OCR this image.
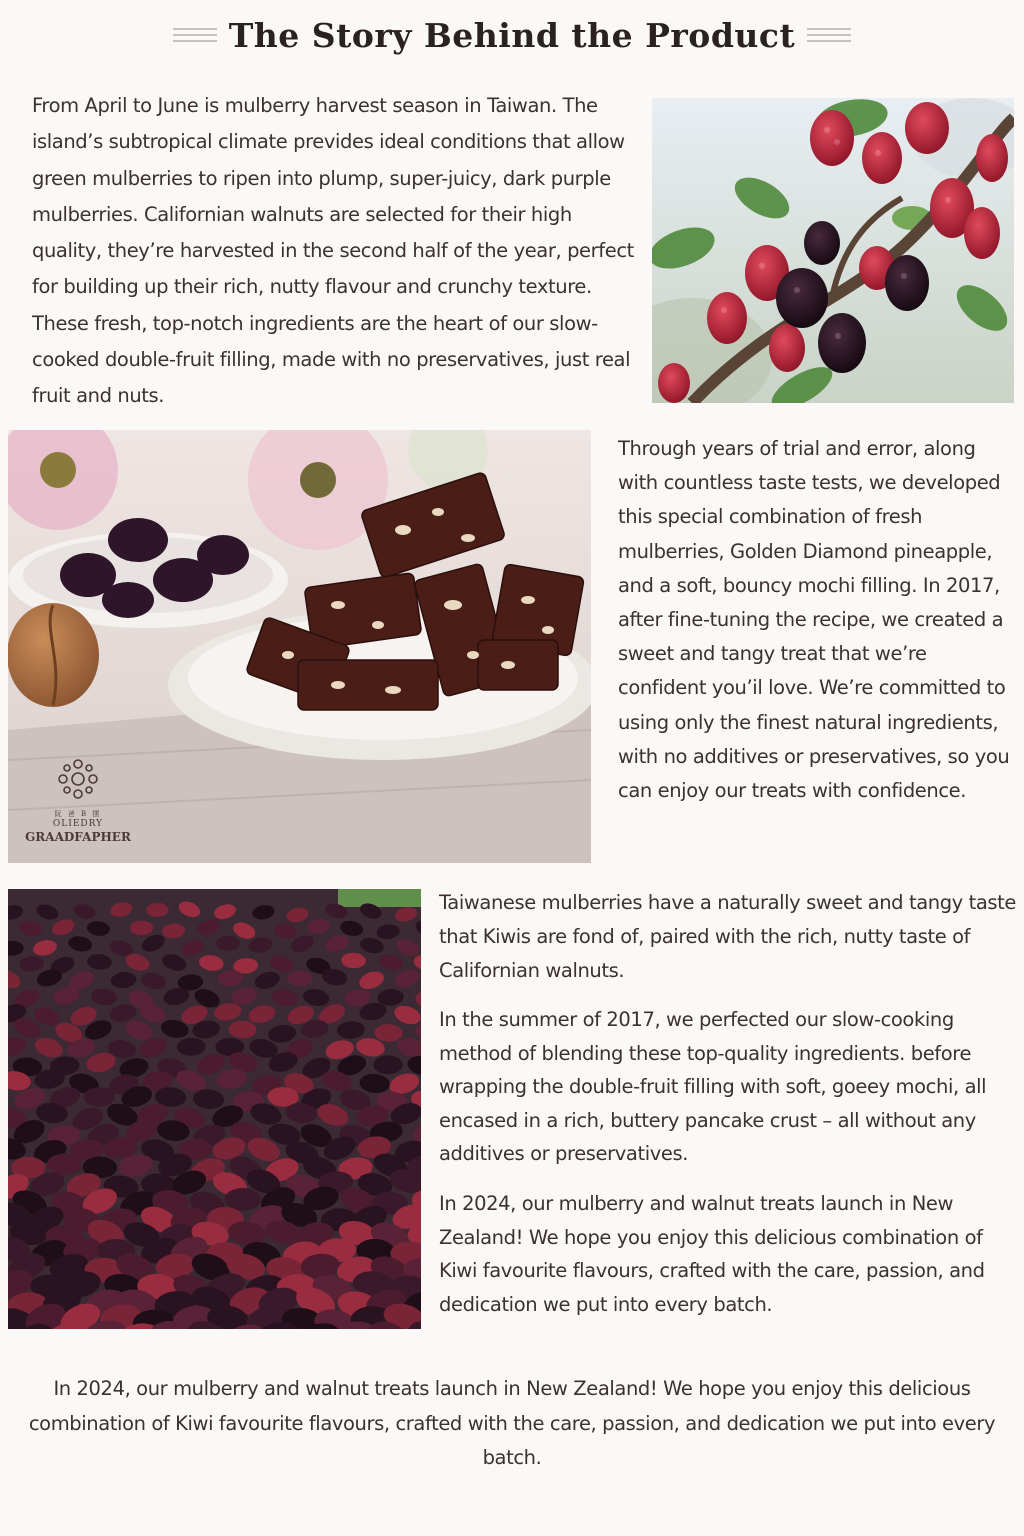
The Story Behind the Product

From April to June is mulberry harvest season in Taiwan. The island’s subtropical climate prevides ideal conditions that allow green mulberries to ripen into plump, super-juicy, dark purple mulberries. Californian walnuts are selected for their high quality, they’re harvested in the second half of the year, perfect for building up their rich, nutty flavour and crunchy texture. These fresh, top-notch ingredients are the heart of our slow-cooked double-fruit filling, made with no preservatives, just real fruit and nuts.

阮 爸 B 摆
OLIEDRY
GRAADFAPHER

Through years of trial and error, along with countless taste tests, we developed this special combination of fresh mulberries, Golden Diamond pineapple, and a soft, bouncy mochi filling. In 2017, after fine-tuning the recipe, we created a sweet and tangy treat that we’re confident you’il love. We’re committed to using only the finest natural ingredients, with no additives or preservatives, so you can enjoy our treats with confidence.

Taiwanese mulberries have a naturally sweet and tangy taste that Kiwis are fond of, paired with the rich, nutty taste of Californian walnuts.

In the summer of 2017, we perfected our slow-cooking method of blending these top-quality ingredients. before wrapping the double-fruit filling with soft, goeey mochi, all encased in a rich, buttery pancake crust – all without any additives or preservatives.

In 2024, our mulberry and walnut treats launch in New Zealand! We hope you enjoy this delicious combination of Kiwi favourite flavours, crafted with the care, passion, and dedication we put into every batch.

In 2024, our mulberry and walnut treats launch in New Zealand! We hope you enjoy this delicious combination of Kiwi favourite flavours, crafted with the care, passion, and dedication we put into every batch.
